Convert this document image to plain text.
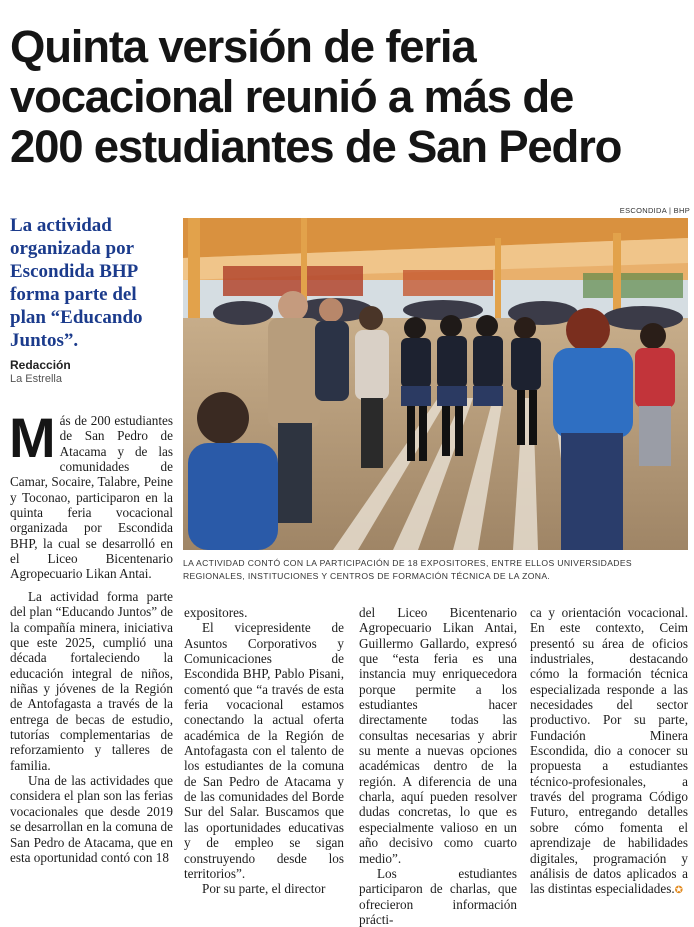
Quinta versión de feria
vocacional reunió a más de
200 estudiantes de San Pedro
La actividad organizada por Escondida BHP forma parte del plan “Educando Juntos”.
Redacción
La Estrella
ESCONDIDA | BHP
LA ACTIVIDAD CONTÓ CON LA PARTICIPACIÓN DE 18 EXPOSITORES, ENTRE ELLOS UNIVERSIDADES REGIONALES, INSTITUCIONES Y CENTROS DE FORMACIÓN TÉCNICA DE LA ZONA.

Más de 200 estudiantes de San Pedro de Atacama y de las comunidades de Camar, Socaire, Talabre, Peine y Toconao, participaron en la quinta feria vocacional organizada por Escondida BHP, la cual se desarrolló en el Liceo Bicentenario Agropecuario Likan Antai.

La actividad forma parte del plan “Educando Juntos” de la compañía minera, iniciativa que este 2025, cumplió una década fortaleciendo la educación integral de niños, niñas y jóvenes de la Región de Antofagasta a través de la entrega de becas de estudio, tutorías complementarias de reforzamiento y talleres de familia.

Una de las actividades que considera el plan son las ferias vocacionales que desde 2019 se desarrollan en la comuna de San Pedro de Atacama, que en esta oportunidad contó con 18

expositores.

El vicepresidente de Asuntos Corporativos y Comunicaciones de Escondida BHP, Pablo Pisani, comentó que “a través de esta feria vocacional estamos conectando la actual oferta académica de la Región de Antofagasta con el talento de los estudiantes de la comuna de San Pedro de Atacama y de las comunidades del Borde Sur del Salar. Buscamos que las oportunidades educativas y de empleo se sigan construyendo desde los territorios”.

Por su parte, el director

del Liceo Bicentenario Agropecuario Likan Antai, Guillermo Gallardo, expresó que “esta feria es una instancia muy enriquecedora porque permite a los estudiantes hacer directamente todas las consultas necesarias y abrir su mente a nuevas opciones académicas dentro de la región. A diferencia de una charla, aquí pueden resolver dudas concretas, lo que es especialmente valioso en un año decisivo como cuarto medio”.

Los estudiantes participaron de charlas, que ofrecieron información prácti-

ca y orientación vocacional. En este contexto, Ceim presentó su área de oficios industriales, destacando cómo la formación técnica especializada responde a las necesidades del sector productivo. Por su parte, Fundación Minera Escondida, dio a conocer su propuesta a estudiantes técnico-profesionales, a través del programa Código Futuro, entregando detalles sobre cómo fomenta el aprendizaje de habilidades digitales, programación y análisis de datos aplicados a las distintas especialidades.✪
